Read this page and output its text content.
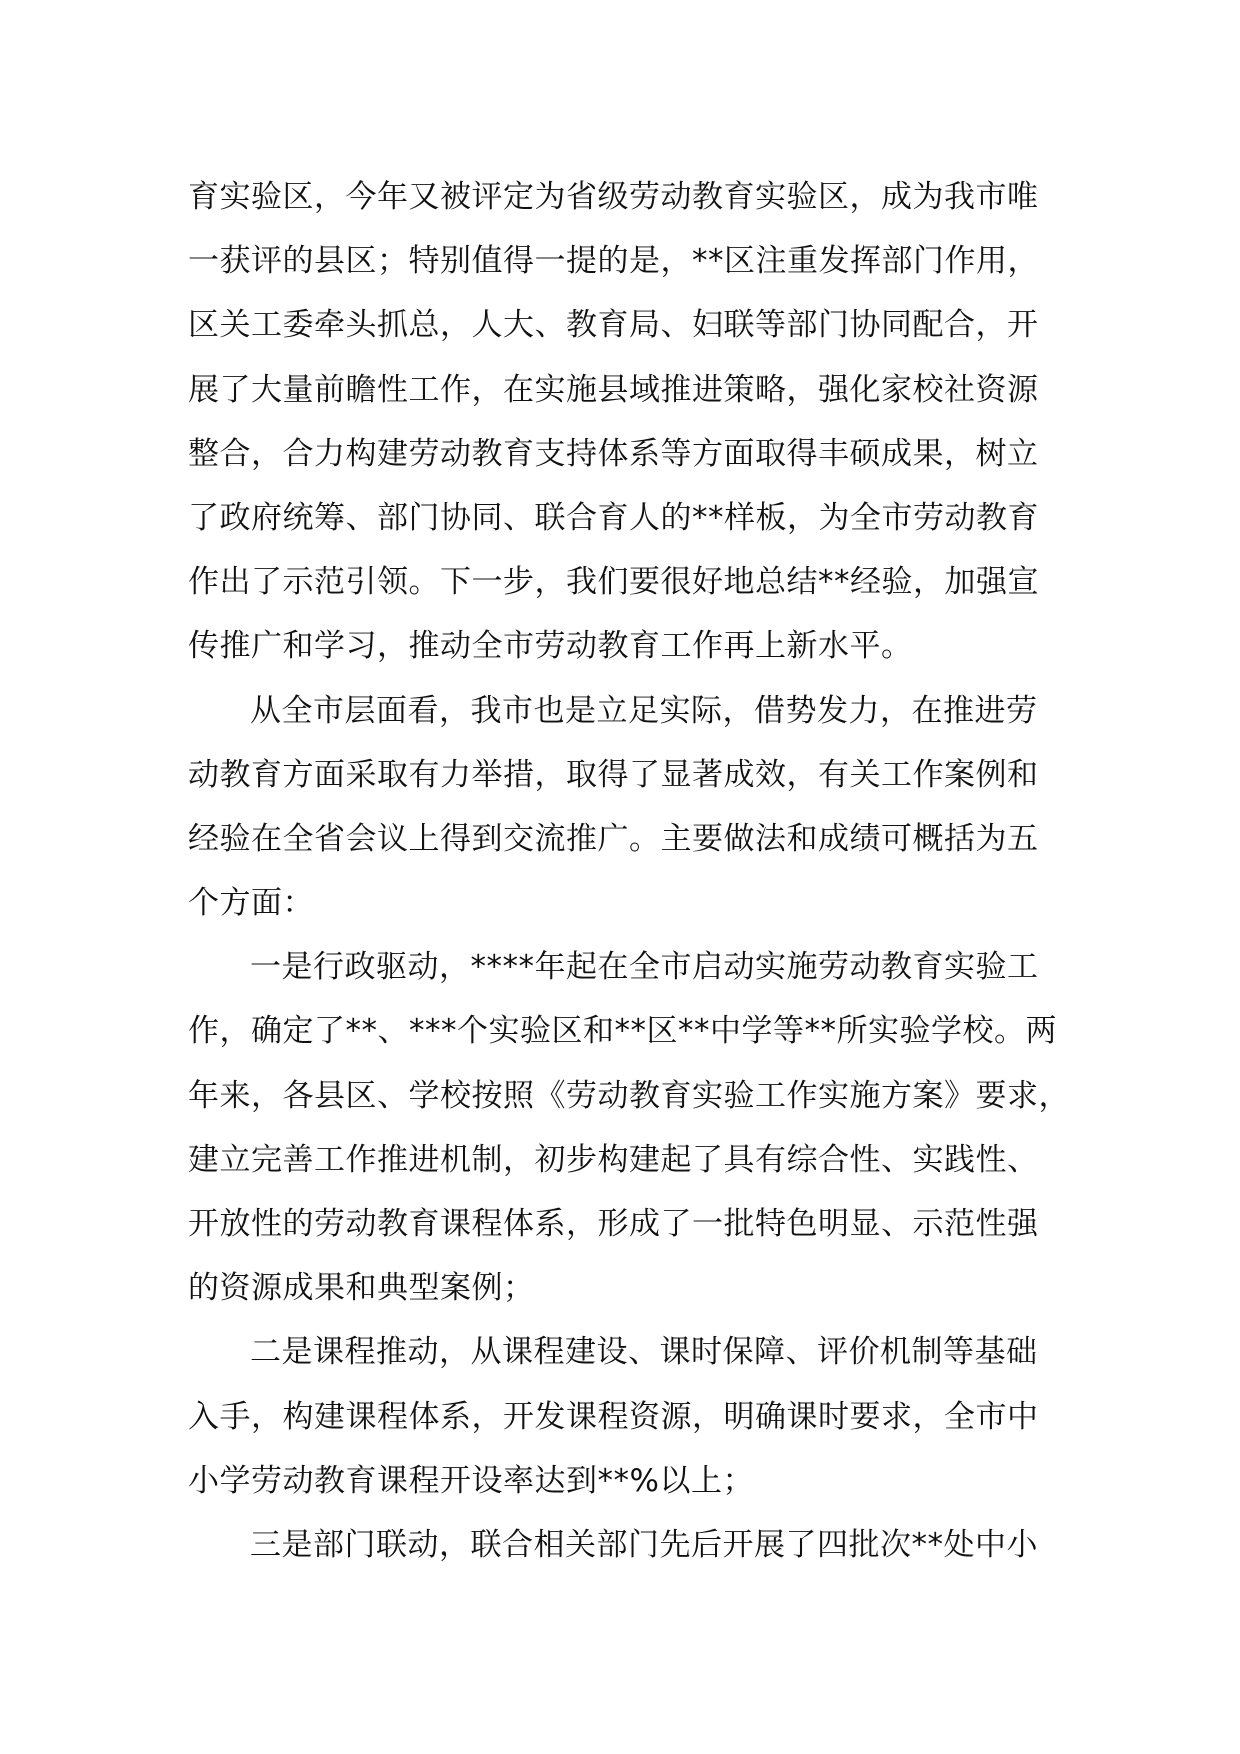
育实验区，今年又被评定为省级劳动教育实验区，成为我市唯
一获评的县区；特别值得一提的是，**区注重发挥部门作用，
区关工委牵头抓总，人大、教育局、妇联等部门协同配合，开
展了大量前瞻性工作，在实施县域推进策略，强化家校社资源
整合，合力构建劳动教育支持体系等方面取得丰硕成果，树立
了政府统筹、部门协同、联合育人的**样板，为全市劳动教育
作出了示范引领。下一步，我们要很好地总结**经验，加强宣
传推广和学习，推动全市劳动教育工作再上新水平。
从全市层面看，我市也是立足实际，借势发力，在推进劳
动教育方面采取有力举措，取得了显著成效，有关工作案例和
经验在全省会议上得到交流推广。主要做法和成绩可概括为五
个方面：
一是行政驱动，****年起在全市启动实施劳动教育实验工
作，确定了**、***个实验区和**区**中学等**所实验学校。两
年来，各县区、学校按照《劳动教育实验工作实施方案》要求，
建立完善工作推进机制，初步构建起了具有综合性、实践性、
开放性的劳动教育课程体系，形成了一批特色明显、示范性强
的资源成果和典型案例；
二是课程推动，从课程建设、课时保障、评价机制等基础
入手，构建课程体系，开发课程资源，明确课时要求，全市中
小学劳动教育课程开设率达到**%以上；
三是部门联动，联合相关部门先后开展了四批次**处中小
